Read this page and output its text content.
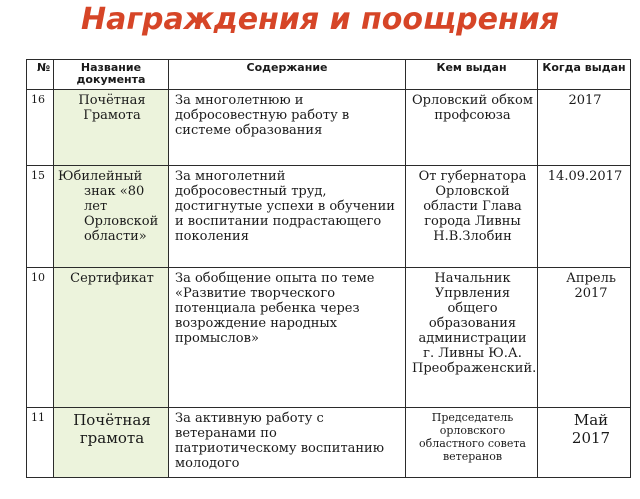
Награждения и поощрения
№	Название документа	Содержание	Кем выдан	Когда выдан
16	Почётная Грамота	За многолетнюю и добросовестную работу в системе образования	Орловский обком профсоюза	2017
15	Юбилейный знак «80 лет Орловской области»	За многолетний добросовестный труд, достигнутые успехи в обучении и воспитании подрастающего поколения	От губернатора Орловской области Глава города Ливны Н.В.Злобин	14.09.2017
10	Сертификат	За обобщение опыта по теме «Развитие творческого потенциала ребенка через возрождение народных промыслов»	Начальник Упрвления общего образования администрации г. Ливны Ю.А. Преображенский.	Апрель 2017
11	Почётная грамота	За активную работу с ветеранами по патриотическому воспитанию молодого	Председатель орловского областного совета ветеранов	Май 2017
